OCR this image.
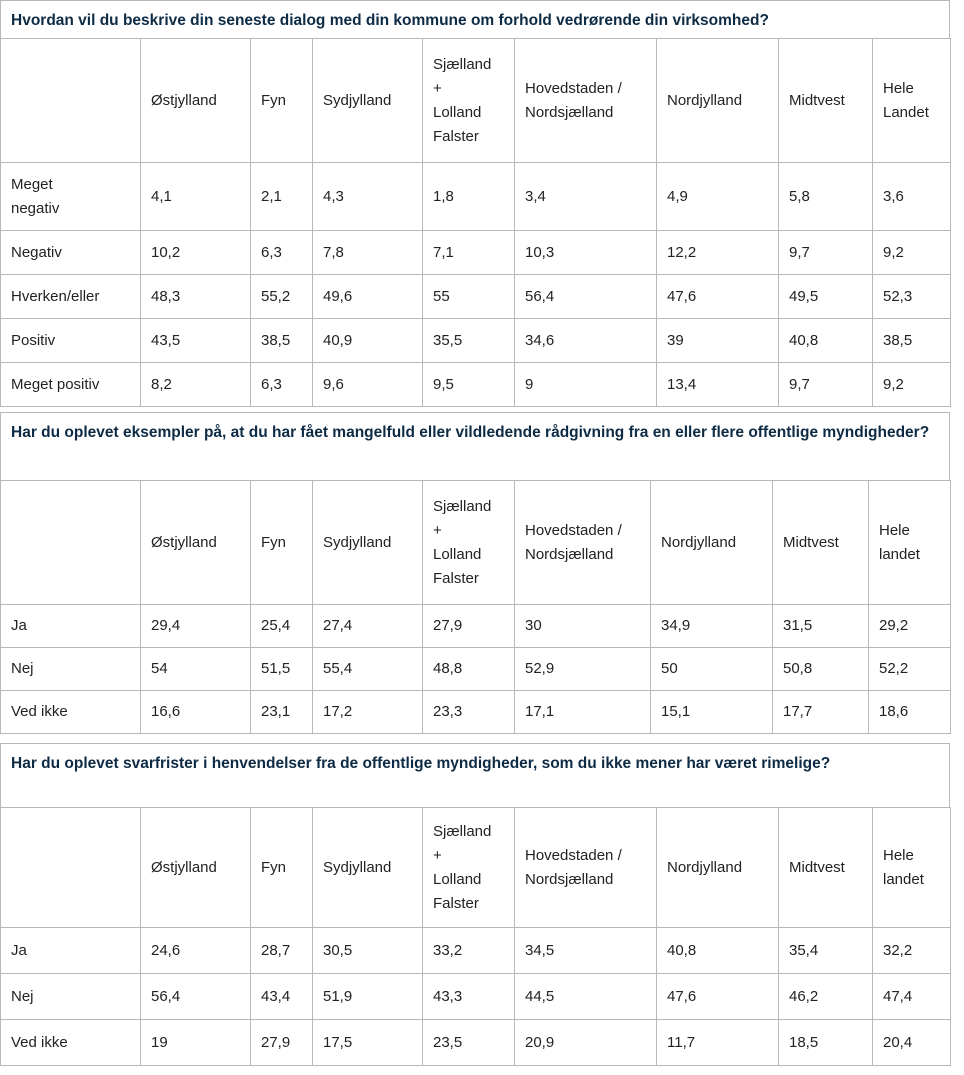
Hvordan vil du beskrive din seneste dialog med din kommune om forhold vedrørende din virksomhed?
	Østjylland	Fyn	Sydjylland	Sjælland + Lolland Falster	Hovedstaden / Nordsjælland	Nordjylland	Midtvest	Hele Landet

Meget negativ	4,1	2,1	4,3	1,8	3,4	4,9	5,8	3,6
Negativ	10,2	6,3	7,8	7,1	10,3	12,2	9,7	9,2
Hverken/eller	48,3	55,2	49,6	55	56,4	47,6	49,5	52,3
Positiv	43,5	38,5	40,9	35,5	34,6	39	40,8	38,5
Meget positiv	8,2	6,3	9,6	9,5	9	13,4	9,7	9,2
Har du oplevet eksempler på, at du har fået mangelfuld eller vildledende rådgivning fra en eller flere offentlige myndigheder?
	Østjylland	Fyn	Sydjylland	Sjælland + Lolland Falster	Hovedstaden / Nordsjælland	Nordjylland	Midtvest	Hele landet

Ja	29,4	25,4	27,4	27,9	30	34,9	31,5	29,2
Nej	54	51,5	55,4	48,8	52,9	50	50,8	52,2
Ved ikke	16,6	23,1	17,2	23,3	17,1	15,1	17,7	18,6
Har du oplevet svarfrister i henvendelser fra de offentlige myndigheder, som du ikke mener har været rimelige?
	Østjylland	Fyn	Sydjylland	Sjælland + Lolland Falster	Hovedstaden / Nordsjælland	Nordjylland	Midtvest	Hele landet

Ja	24,6	28,7	30,5	33,2	34,5	40,8	35,4	32,2
Nej	56,4	43,4	51,9	43,3	44,5	47,6	46,2	47,4
Ved ikke	19	27,9	17,5	23,5	20,9	11,7	18,5	20,4
